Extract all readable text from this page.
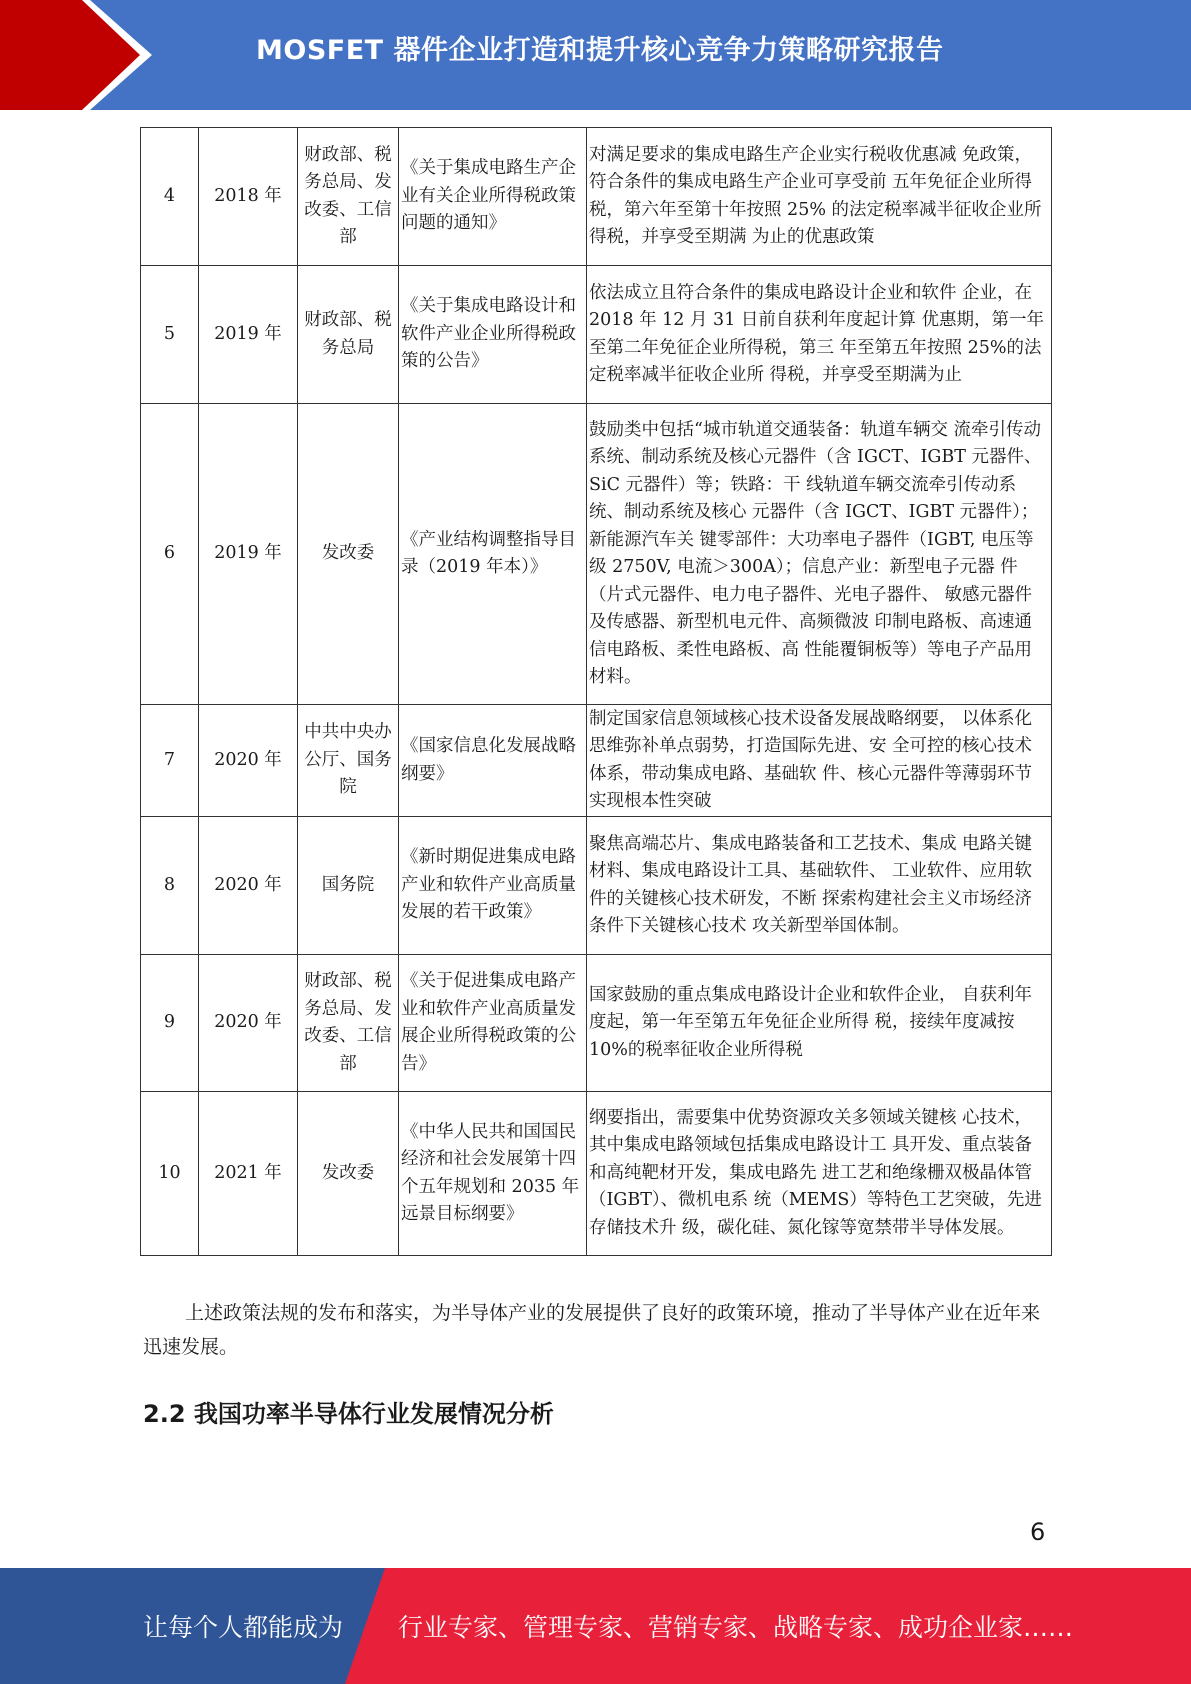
MOSFET 器件企业打造和提升核心竞争力策略研究报告
4	2018 年	财政部、税务总局、发改委、工信部	《关于集成电路生产企业有关企业所得税政策问题的通知》	对满足要求的集成电路生产企业实行税收优惠减 免政策，符合条件的集成电路生产企业可享受前 五年免征企业所得税，第六年至第十年按照 25% 的法定税率减半征收企业所得税，并享受至期满 为止的优惠政策
5	2019 年	财政部、税务总局	《关于集成电路设计和软件产业企业所得税政策的公告》	依法成立且符合条件的集成电路设计企业和软件 企业，在 2018 年 12 月 31 日前自获利年度起计算 优惠期，第一年至第二年免征企业所得税，第三 年至第五年按照 25%的法定税率减半征收企业所 得税，并享受至期满为止
6	2019 年	发改委	《产业结构调整指导目录（2019 年本）》	鼓励类中包括“城市轨道交通装备：轨道车辆交 流牵引传动系统、制动系统及核心元器件（含 IGCT、IGBT 元器件、SiC 元器件）等；铁路：干 线轨道车辆交流牵引传动系统、制动系统及核心 元器件（含 IGCT、IGBT 元器件）；新能源汽车关 键零部件：大功率电子器件（IGBT, 电压等级 2750V, 电流＞300A）；信息产业：新型电子元器 件（片式元器件、电力电子器件、光电子器件、 敏感元器件及传感器、新型机电元件、高频微波 印制电路板、高速通信电路板、柔性电路板、高 性能覆铜板等）等电子产品用材料。
7	2020 年	中共中央办公厅、国务院	《国家信息化发展战略纲要》	制定国家信息领域核心技术设备发展战略纲要， 以体系化思维弥补单点弱势，打造国际先进、安 全可控的核心技术体系，带动集成电路、基础软 件、核心元器件等薄弱环节实现根本性突破
8	2020 年	国务院	《新时期促进集成电路产业和软件产业高质量发展的若干政策》	聚焦高端芯片、集成电路装备和工艺技术、集成 电路关键材料、集成电路设计工具、基础软件、 工业软件、应用软件的关键核心技术研发，不断 探索构建社会主义市场经济条件下关键核心技术 攻关新型举国体制。
9	2020 年	财政部、税务总局、发改委、工信部	《关于促进集成电路产业和软件产业高质量发展企业所得税政策的公告》	国家鼓励的重点集成电路设计企业和软件企业， 自获利年度起，第一年至第五年免征企业所得 税，接续年度减按 10%的税率征收企业所得税
10	2021 年	发改委	《中华人民共和国国民经济和社会发展第十四个五年规划和 2035 年远景目标纲要》	纲要指出，需要集中优势资源攻关多领域关键核 心技术，其中集成电路领域包括集成电路设计工 具开发、重点装备和高纯靶材开发，集成电路先 进工艺和绝缘栅双极晶体管（IGBT）、微机电系 统（MEMS）等特色工艺突破，先进存储技术升 级，碳化硅、氮化镓等宽禁带半导体发展。
上述政策法规的发布和落实，为半导体产业的发展提供了良好的政策环境，推动了半导体产业在近年来迅速发展。
2.2 我国功率半导体行业发展情况分析
6
让每个人都能成为 行业专家、管理专家、营销专家、战略专家、成功企业家……
